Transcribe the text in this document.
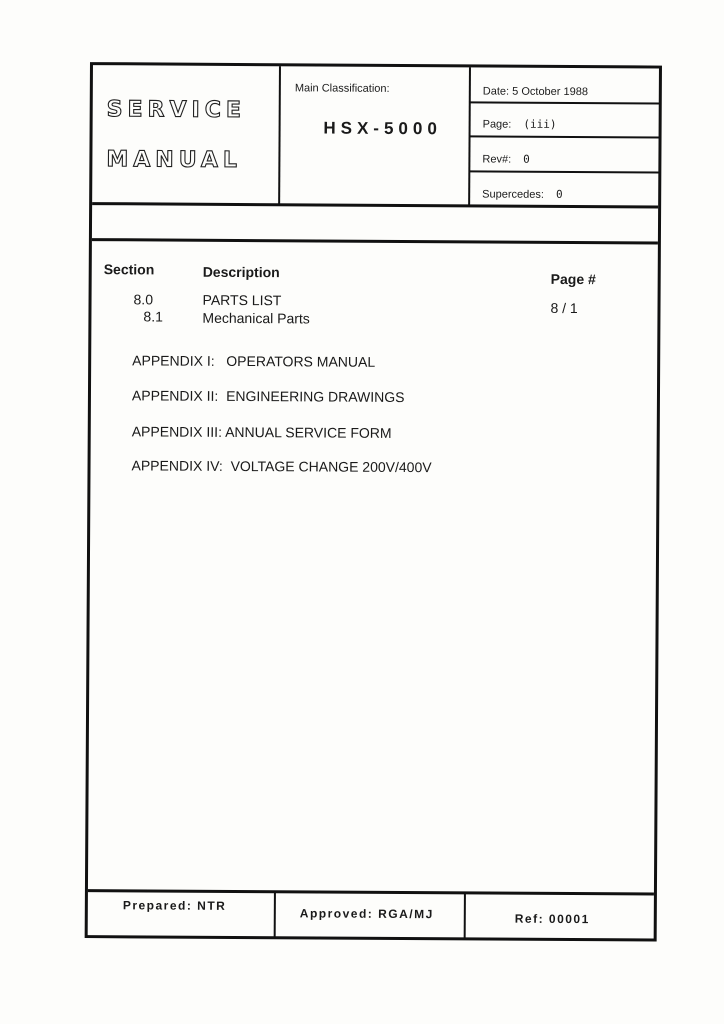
SERVICE
MANUAL
Main Classification:
HSX-5000
Date: 5 October 1988
Page: (iii)
Rev#: 0
Supercedes: 0
Section	Description	Page #
8.0	PARTS LIST	8 / 1
8.1	Mechanical Parts
APPENDIX I:   OPERATORS MANUAL
APPENDIX II:  ENGINEERING DRAWINGS
APPENDIX III: ANNUAL SERVICE FORM
APPENDIX IV:  VOLTAGE CHANGE 200V/400V
Prepared: NTR
Approved: RGA/MJ	Ref: 00001
